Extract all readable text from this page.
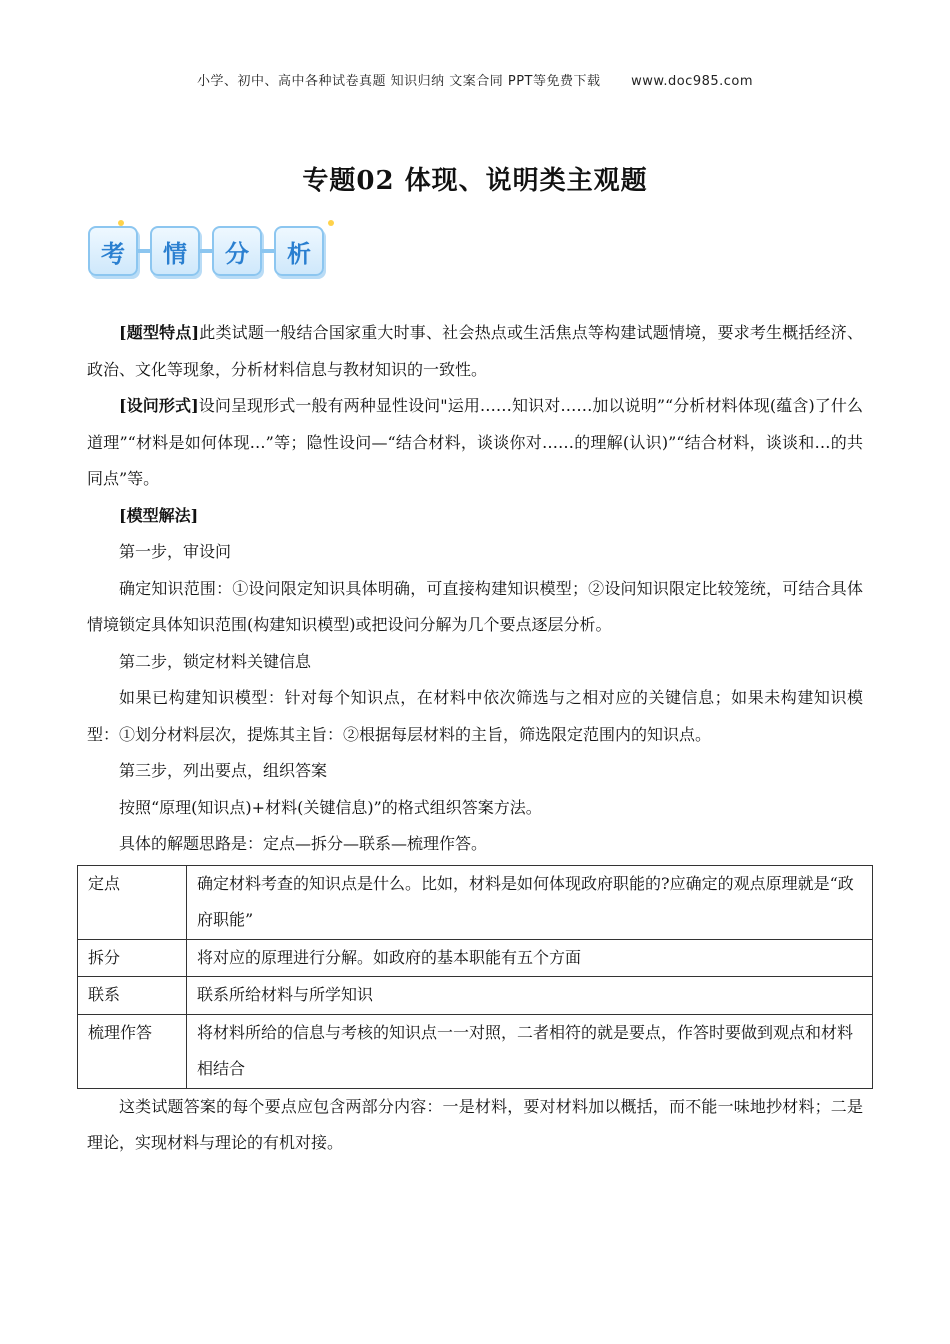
小学、初中、高中各种试卷真题 知识归纳 文案合同 PPT等免费下载 www.doc985.com
专题02 体现、说明类主观题
考	情	分	析

[题型特点]此类试题一般结合国家重大时事、社会热点或生活焦点等构建试题情境，要求考生概括经济、政治、文化等现象，分析材料信息与教材知识的一致性。

[设问形式]设问呈现形式一般有两种显性设问"运用……知识对……加以说明”“分析材料体现(蕴含)了什么道理”“材料是如何体现…”等；隐性设问—“结合材料，谈谈你对……的理解(认识)”“结合材料，谈谈和…的共同点”等。

[模型解法]

第一步，审设问

确定知识范围：①设问限定知识具体明确，可直接构建知识模型；②设问知识限定比较笼统，可结合具体情境锁定具体知识范围(构建知识模型)或把设问分解为几个要点逐层分析。

第二步，锁定材料关键信息

如果已构建知识模型：针对每个知识点，在材料中依次筛选与之相对应的关键信息；如果未构建知识模型：①划分材料层次，提炼其主旨：②根据每层材料的主旨，筛选限定范围内的知识点。

第三步，列出要点，组织答案

按照“原理(知识点)+材料(关键信息)”的格式组织答案方法。

具体的解题思路是：定点—拆分—联系—梳理作答。

定点	确定材料考查的知识点是什么。比如，材料是如何体现政府职能的?应确定的观点原理就是“政府职能”
拆分	将对应的原理进行分解。如政府的基本职能有五个方面
联系	联系所给材料与所学知识
梳理作答	将材料所给的信息与考核的知识点一一对照，二者相符的就是要点，作答时要做到观点和材料相结合

这类试题答案的每个要点应包含两部分内容：一是材料，要对材料加以概括，而不能一味地抄材料；二是理论，实现材料与理论的有机对接。
